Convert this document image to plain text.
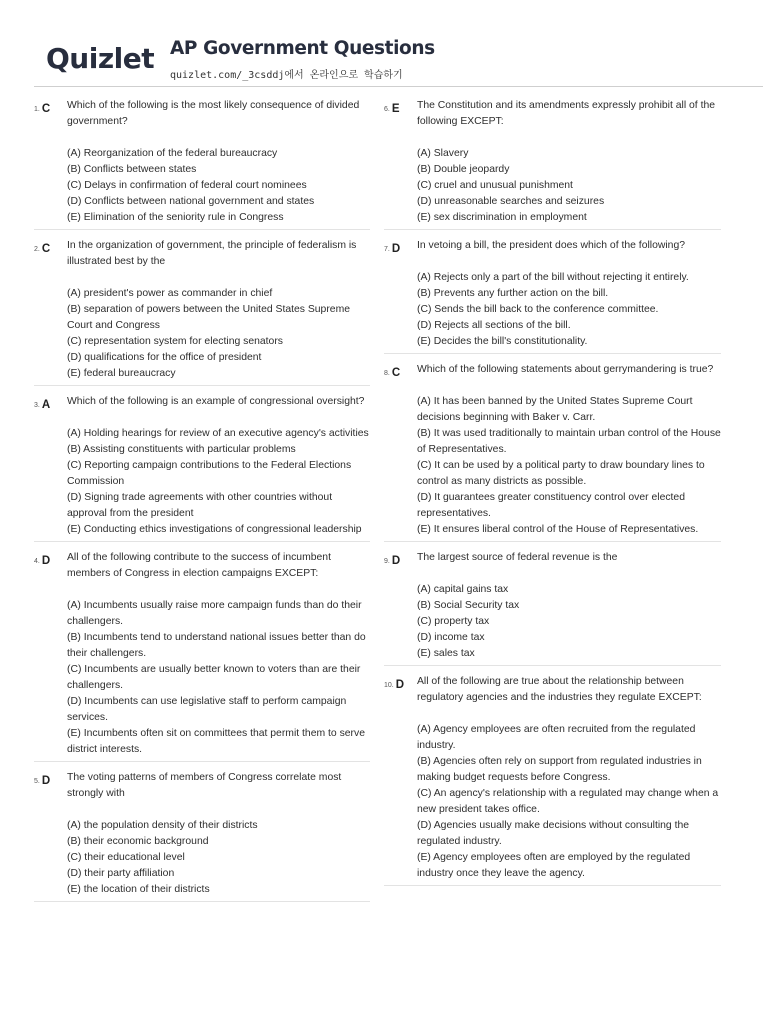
Quizlet AP Government Questions
quizlet.com/_3csddj에서 온라인으로 학습하기
1. C	Which of the following is the most likely consequence of divided government?
(A) Reorganization of the federal bureaucracy
(B) Conflicts between states
(C) Delays in confirmation of federal court nominees
(D) Conflicts between national government and states
(E) Elimination of the seniority rule in Congress
2. C	In the organization of government, the principle of federalism is illustrated best by the
(A) president's power as commander in chief
(B) separation of powers between the United States Supreme Court and Congress
(C) representation system for electing senators
(D) qualifications for the office of president
(E) federal bureaucracy
3. A	Which of the following is an example of congressional oversight?
(A) Holding hearings for review of an executive agency's activities
(B) Assisting constituents with particular problems
(C) Reporting campaign contributions to the Federal Elections Commission
(D) Signing trade agreements with other countries without approval from the president
(E) Conducting ethics investigations of congressional leadership
4. D	All of the following contribute to the success of incumbent members of Congress in election campaigns EXCEPT:
(A) Incumbents usually raise more campaign funds than do their challengers.
(B) Incumbents tend to understand national issues better than do their challengers.
(C) Incumbents are usually better known to voters than are their challengers.
(D) Incumbents can use legislative staff to perform campaign services.
(E) Incumbents often sit on committees that permit them to serve district interests.
5. D	The voting patterns of members of Congress correlate most strongly with
(A) the population density of their districts
(B) their economic background
(C) their educational level
(D) their party affiliation
(E) the location of their districts
6. E	The Constitution and its amendments expressly prohibit all of the following EXCEPT:
(A) Slavery
(B) Double jeopardy
(C) cruel and unusual punishment
(D) unreasonable searches and seizures
(E) sex discrimination in employment
7. D	In vetoing a bill, the president does which of the following?
(A) Rejects only a part of the bill without rejecting it entirely.
(B) Prevents any further action on the bill.
(C) Sends the bill back to the conference committee.
(D) Rejects all sections of the bill.
(E) Decides the bill's constitutionality.
8. C	Which of the following statements about gerrymandering is true?
(A) It has been banned by the United States Supreme Court decisions beginning with Baker v. Carr.
(B) It was used traditionally to maintain urban control of the House of Representatives.
(C) It can be used by a political party to draw boundary lines to control as many districts as possible.
(D) It guarantees greater constituency control over elected representatives.
(E) It ensures liberal control of the House of Representatives.
9. D	The largest source of federal revenue is the
(A) capital gains tax
(B) Social Security tax
(C) property tax
(D) income tax
(E) sales tax
10. D	All of the following are true about the relationship between regulatory agencies and the industries they regulate EXCEPT:
(A) Agency employees are often recruited from the regulated industry.
(B) Agencies often rely on support from regulated industries in making budget requests before Congress.
(C) An agency's relationship with a regulated may change when a new president takes office.
(D) Agencies usually make decisions without consulting the regulated industry.
(E) Agency employees often are employed by the regulated industry once they leave the agency.
